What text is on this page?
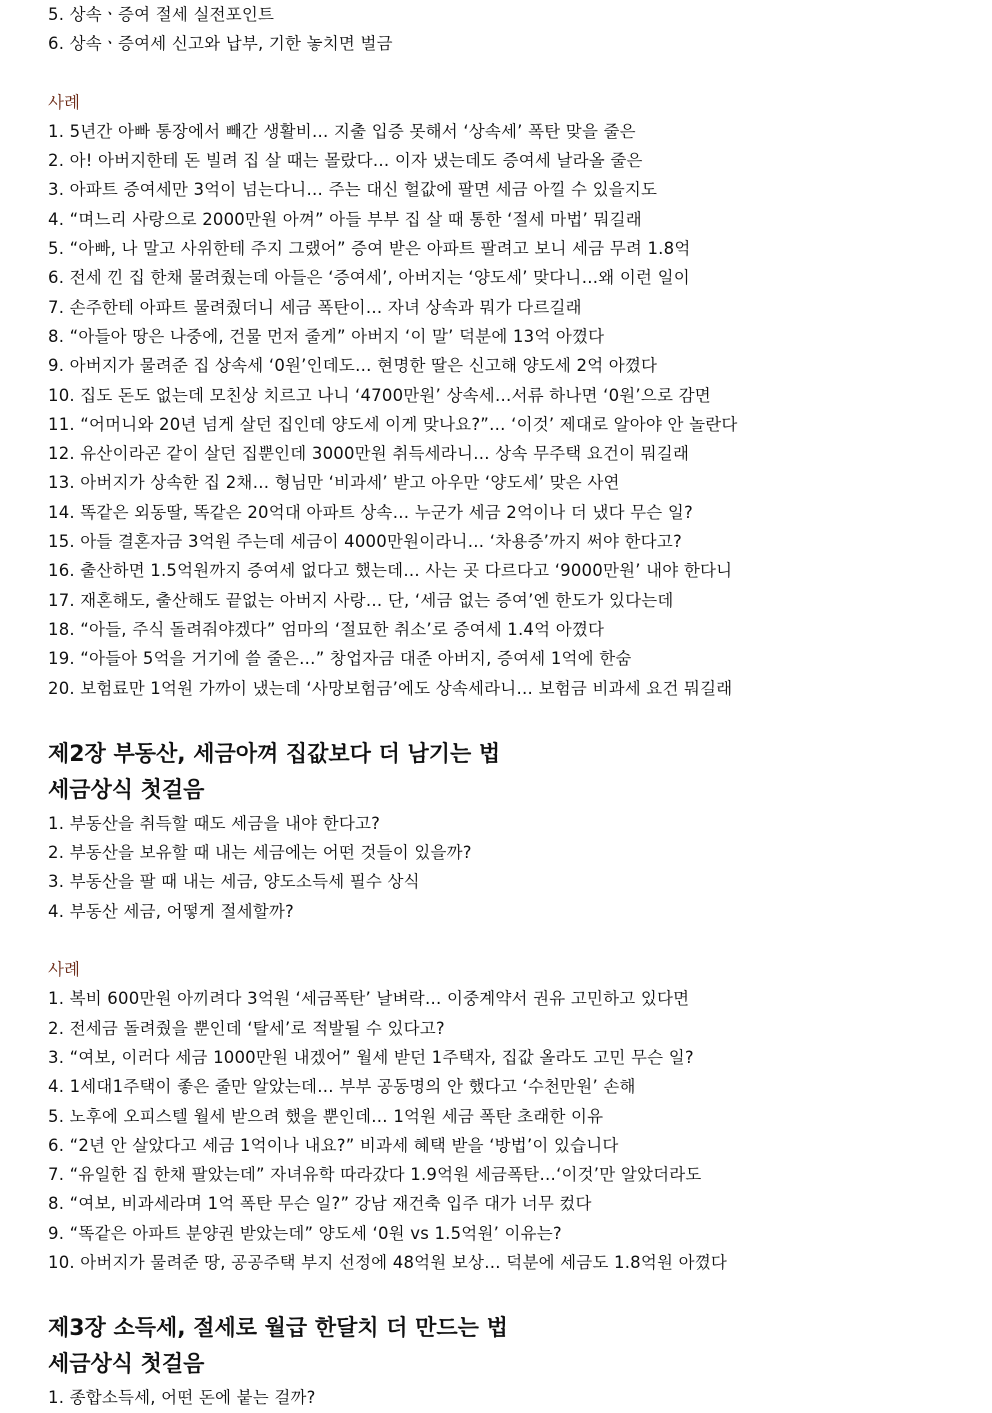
5. 상속ㆍ증여 절세 실전포인트
6. 상속ㆍ증여세 신고와 납부, 기한 놓치면 벌금
사례
1. 5년간 아빠 통장에서 빼간 생활비… 지출 입증 못해서 ‘상속세’ 폭탄 맞을 줄은
2. 아! 아버지한테 돈 빌려 집 살 때는 몰랐다… 이자 냈는데도 증여세 날라올 줄은
3. 아파트 증여세만 3억이 넘는다니… 주는 대신 헐값에 팔면 세금 아낄 수 있을지도
4. “며느리 사랑으로 2000만원 아껴” 아들 부부 집 살 때 통한 ‘절세 마법’ 뭐길래
5. “아빠, 나 말고 사위한테 주지 그랬어” 증여 받은 아파트 팔려고 보니 세금 무려 1.8억
6. 전세 낀 집 한채 물려줬는데 아들은 ‘증여세’, 아버지는 ‘양도세’ 맞다니…왜 이런 일이
7. 손주한테 아파트 물려줬더니 세금 폭탄이… 자녀 상속과 뭐가 다르길래
8. “아들아 땅은 나중에, 건물 먼저 줄게” 아버지 ‘이 말’ 덕분에 13억 아꼈다
9. 아버지가 물려준 집 상속세 ‘0원’인데도… 현명한 딸은 신고해 양도세 2억 아꼈다
10. 집도 돈도 없는데 모친상 치르고 나니 ‘4700만원’ 상속세…서류 하나면 ‘0원’으로 감면
11. “어머니와 20년 넘게 살던 집인데 양도세 이게 맞나요?”… ‘이것’ 제대로 알아야 안 놀란다
12. 유산이라곤 같이 살던 집뿐인데 3000만원 취득세라니… 상속 무주택 요건이 뭐길래
13. 아버지가 상속한 집 2채… 형님만 ‘비과세’ 받고 아우만 ‘양도세’ 맞은 사연
14. 똑같은 외동딸, 똑같은 20억대 아파트 상속… 누군가 세금 2억이나 더 냈다 무슨 일?
15. 아들 결혼자금 3억원 주는데 세금이 4000만원이라니… ‘차용증’까지 써야 한다고?
16. 출산하면 1.5억원까지 증여세 없다고 했는데… 사는 곳 다르다고 ‘9000만원’ 내야 한다니
17. 재혼해도, 출산해도 끝없는 아버지 사랑… 단, ‘세금 없는 증여’엔 한도가 있다는데
18. “아들, 주식 돌려줘야겠다” 엄마의 ‘절묘한 취소’로 증여세 1.4억 아꼈다
19. “아들아 5억을 거기에 쓸 줄은…” 창업자금 대준 아버지, 증여세 1억에 한숨
20. 보험료만 1억원 가까이 냈는데 ‘사망보험금’에도 상속세라니… 보험금 비과세 요건 뭐길래
제2장 부동산, 세금아껴 집값보다 더 남기는 법
세금상식 첫걸음
1. 부동산을 취득할 때도 세금을 내야 한다고?
2. 부동산을 보유할 때 내는 세금에는 어떤 것들이 있을까?
3. 부동산을 팔 때 내는 세금, 양도소득세 필수 상식
4. 부동산 세금, 어떻게 절세할까?
사례
1. 복비 600만원 아끼려다 3억원 ‘세금폭탄’ 날벼락… 이중계약서 권유 고민하고 있다면
2. 전세금 돌려줬을 뿐인데 ‘탈세’로 적발될 수 있다고?
3. “여보, 이러다 세금 1000만원 내겠어” 월세 받던 1주택자, 집값 올라도 고민 무슨 일?
4. 1세대1주택이 좋은 줄만 알았는데… 부부 공동명의 안 했다고 ‘수천만원’ 손해
5. 노후에 오피스텔 월세 받으려 했을 뿐인데… 1억원 세금 폭탄 초래한 이유
6. “2년 안 살았다고 세금 1억이나 내요?” 비과세 혜택 받을 ‘방법’이 있습니다
7. “유일한 집 한채 팔았는데” 자녀유학 따라갔다 1.9억원 세금폭탄…‘이것’만 알았더라도
8. “여보, 비과세라며 1억 폭탄 무슨 일?” 강남 재건축 입주 대가 너무 컸다
9. “똑같은 아파트 분양권 받았는데” 양도세 ‘0원 vs 1.5억원’ 이유는?
10. 아버지가 물려준 땅, 공공주택 부지 선정에 48억원 보상… 덕분에 세금도 1.8억원 아꼈다
제3장 소득세, 절세로 월급 한달치 더 만드는 법
세금상식 첫걸음
1. 종합소득세, 어떤 돈에 붙는 걸까?
